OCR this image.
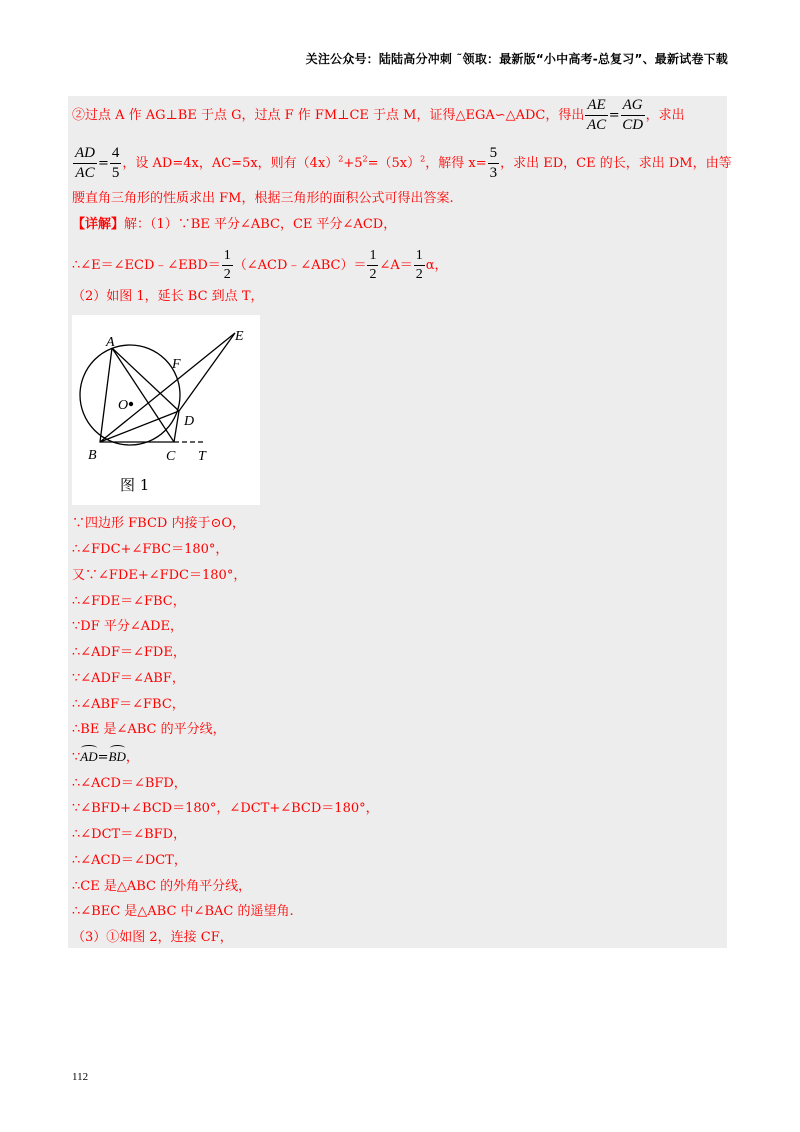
关注公众号：陆陆高分冲刺 ˜领取：最新版“小中高考-总复习”、最新试卷下载
②过点 A 作 AG⊥BE 于点 G，过点 F 作 FM⊥CE 于点 M，证得△EGA∽△ADC，得出 $\frac{AE}{AC} = \frac{AG}{CD}$ ，求出
$\frac{AD}{AC} = \frac{4}{5}$ ，设 AD=4x，AC=5x，则有$(4x)^2+5^2=(5x)^2$，解得 $x= \frac{5}{3}$ ，求出 ED，CE 的长，求出 DM，由等
腰直角三角形的性质求出 FM，根据三角形的面积公式可得出答案.
【详解】解：（1）∵BE 平分∠ABC，CE 平分∠ACD，
∴∠E＝∠ECD﹣∠EBD＝ $\frac{1}{2}$ （∠ACD﹣∠ABC）＝ $\frac{1}{2}$ ∠A＝ $\frac{1}{2}$ α，
（2）如图 1，延长 BC 到点 T，
A
B	C
D
E
F
O
T
图 1
∵四边形 FBCD 内接于⊙O，
∴∠FDC+∠FBC＝180°，
又∵∠FDE+∠FDC＝180°，
∴∠FDE＝∠FBC，
∵DF 平分∠ADE，
∴∠ADF＝∠FDE，
∵∠ADF＝∠ABF，
∴∠ABF＝∠FBC，
∴BE 是∠ABC 的平分线，
∵AD=BD，
∴∠ACD＝∠BFD，
∵∠BFD+∠BCD＝180°，∠DCT+∠BCD＝180°，
∴∠DCT＝∠BFD，
∴∠ACD＝∠DCT，
∴CE 是△ABC 的外角平分线，
∴∠BEC 是△ABC 中∠BAC 的遥望角.
（3）①如图 2，连接 CF，
112
